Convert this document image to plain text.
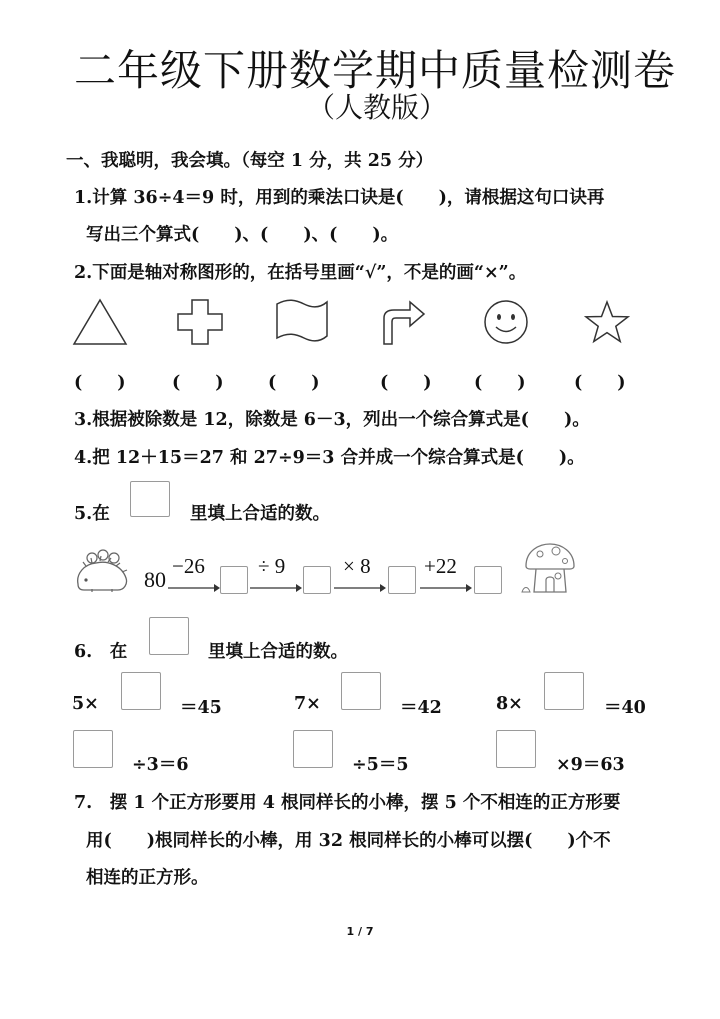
二年级下册数学期中质量检测卷
（人教版）
一、我聪明，我会填。（每空 1 分，共 25 分）
1.计算 36÷4＝9 时，用到的乘法口诀是(　　)，请根据这句口诀再
写出三个算式(　　)、(　　)、(　　)。
2.下面是轴对称图形的，在括号里画“√”，不是的画“×”。
(　　)	(　　)	(　　)	(　　) (　　)	(　　)
3.根据被除数是 12，除数是 6－3，列出一个综合算式是(　　)。
4.把 12＋15＝27 和 27÷9＝3 合并成一个综合算式是(　　)。
5.在	里填上合适的数。
80
−26	÷ 9	× 8	+22
6.　在	里填上合适的数。
5×	＝45	7×	＝42	8×	＝40
÷3＝6	÷5＝5	×9＝63
7.　摆 1 个正方形要用 4 根同样长的小棒，摆 5 个不相连的正方形要
用(　　)根同样长的小棒，用 32 根同样长的小棒可以摆(　　)个不
相连的正方形。
1 / 7
